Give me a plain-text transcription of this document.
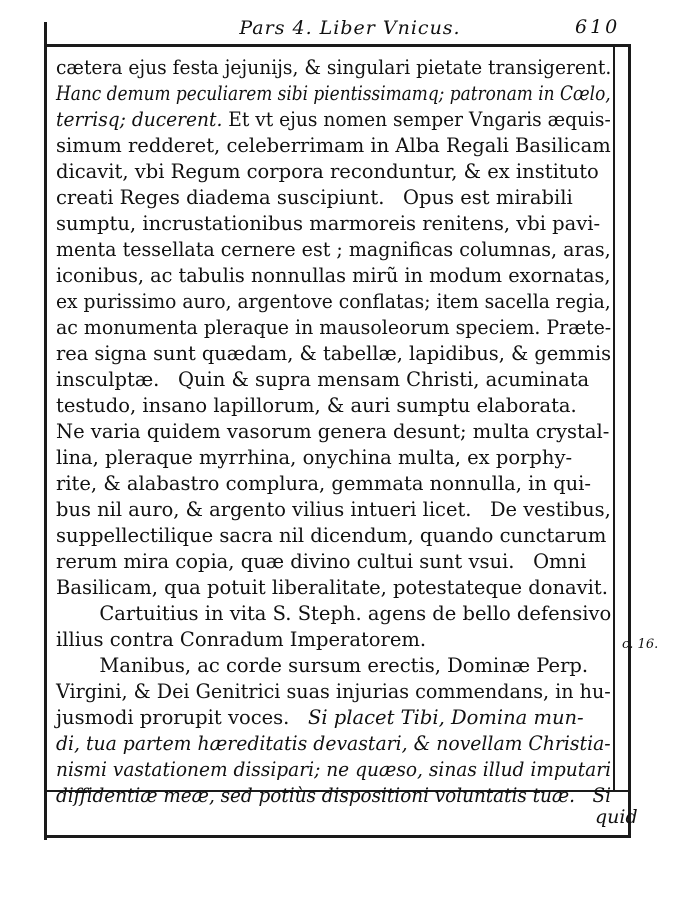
Pars 4. Liber Vnicus.	610
cætera ejus festa jejunijs, & singulari pietate transigerent.
Hanc demum peculiarem sibi pientissimamq; patronam in Cœlo,
terrisq; ducerent. Et vt ejus nomen semper Vngaris æquis-
simum redderet, celeberrimam in Alba Regali Basilicam
dicavit, vbi Regum corpora reconduntur, & ex instituto
creati Reges diadema suscipiunt.   Opus est mirabili
sumptu, incrustationibus marmoreis renitens, vbi pavi-
menta tessellata cernere est ; magnificas columnas, aras,
iconibus, ac tabulis nonnullas mirũ in modum exornatas,
ex purissimo auro, argentove conflatas; item sacella regia,
ac monumenta pleraque in mausoleorum speciem. Præte-
rea signa sunt quædam, & tabellæ, lapidibus, & gemmis
insculptæ.   Quin & supra mensam Christi, acuminata
testudo, insano lapillorum, & auri sumptu elaborata.
Ne varia quidem vasorum genera desunt; multa crystal-
lina, pleraque myrrhina, onychina multa, ex porphy-
rite, & alabastro complura, gemmata nonnulla, in qui-
bus nil auro, & argento vilius intueri licet.   De vestibus,
suppellectilique sacra nil dicendum, quando cunctarum
rerum mira copia, quæ divino cultui sunt vsui.   Omni
Basilicam, qua potuit liberalitate, potestateque donavit.
Cartuitius in vita S. Steph. agens de bello defensivo
illius contra Conradum Imperatorem.
Manibus, ac corde sursum erectis, Dominæ Perp.
Virgini, & Dei Genitrici suas injurias commendans, in hu-
jusmodi prorupit voces. Si placet Tibi, Domina mun-
di, tua partem hæreditatis devastari, & novellam Christia-
nismi vastationem dissipari; ne quæso, sinas illud imputari
diffidentiæ meæ, sed potiùs dispositioni voluntatis tuæ.   Si
c. 16.
quid
